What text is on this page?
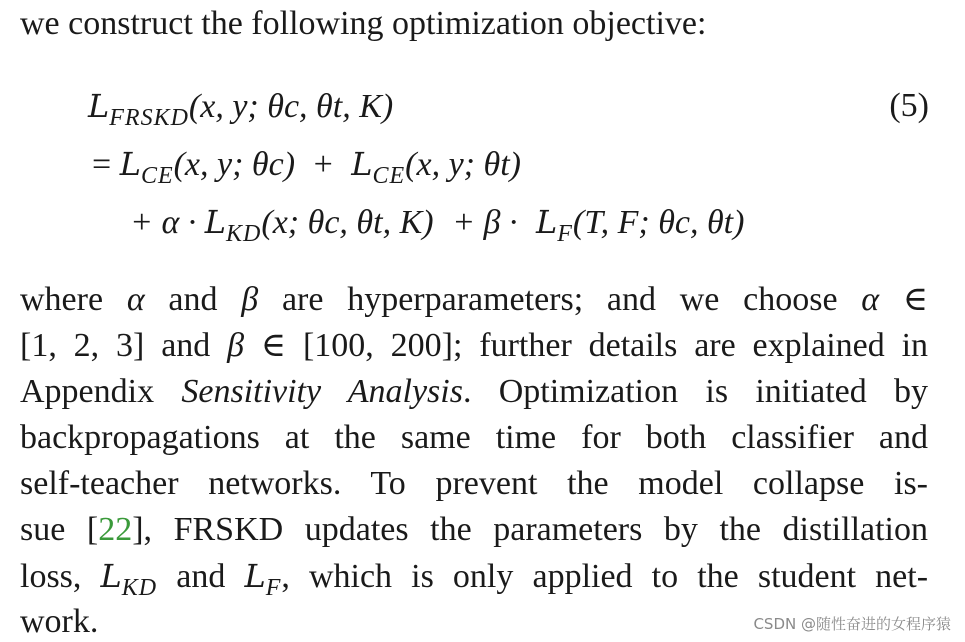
we construct the following optimization objective:
$L_{FRSKD}(x$, y; θc, θt, K)	(5)
= $L_{CE}(x$, y; $\theta c) + L_{CE}(x$, y; θt)
+ $\alpha \cdot L_{KD}(x$; θc, θt, $K) + \beta \cdot L_F(T$, F; θc, θt)
where α and β are hyperparameters; and we choose α ∈
[1, 2, 3] and β ∈ [100, 200]; further details are explained in
Appendix Sensitivity Analysis. Optimization is initiated by
backpropagations at the same time for both classifier and
self-teacher networks. To prevent the model collapse is-
sue [22], FRSKD updates the parameters by the distillation
loss, $L_{KD}$ and $L_F$, which is only applied to the student net-
work.	CSDN @随性奋进的女程序猿
